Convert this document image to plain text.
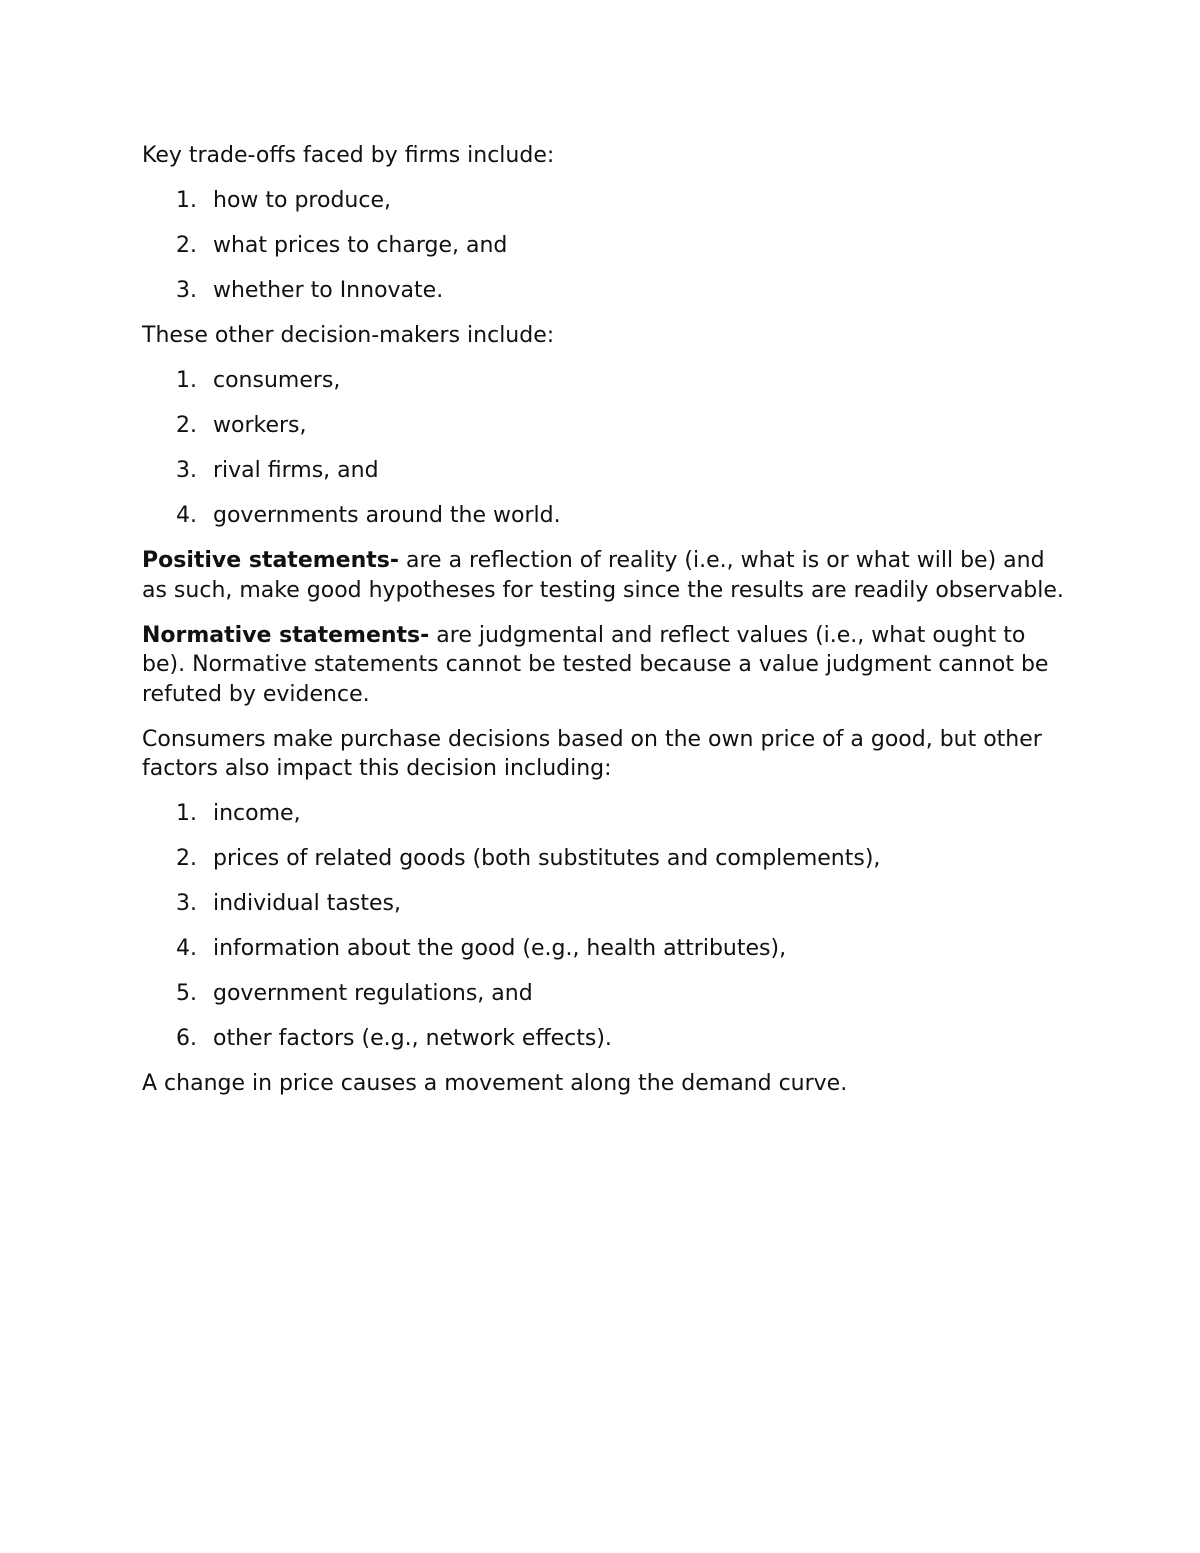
Key trade-offs faced by firms include:

1. how to produce,
2. what prices to charge, and
3. whether to Innovate.

These other decision-makers include:

1. consumers,
2. workers,
3. rival firms, and
4. governments around the world.

Positive statements- are a reflection of reality (i.e., what is or what will be) and as such, make good hypotheses for testing since the results are readily observable.

Normative statements- are judgmental and reflect values (i.e., what ought to be). Normative statements cannot be tested because a value judgment cannot be refuted by evidence.

Consumers make purchase decisions based on the own price of a good, but other factors also impact this decision including:

1. income,
2. prices of related goods (both substitutes and complements),
3. individual tastes,
4. information about the good (e.g., health attributes),
5. government regulations, and
6. other factors (e.g., network effects).

A change in price causes a movement along the demand curve.
